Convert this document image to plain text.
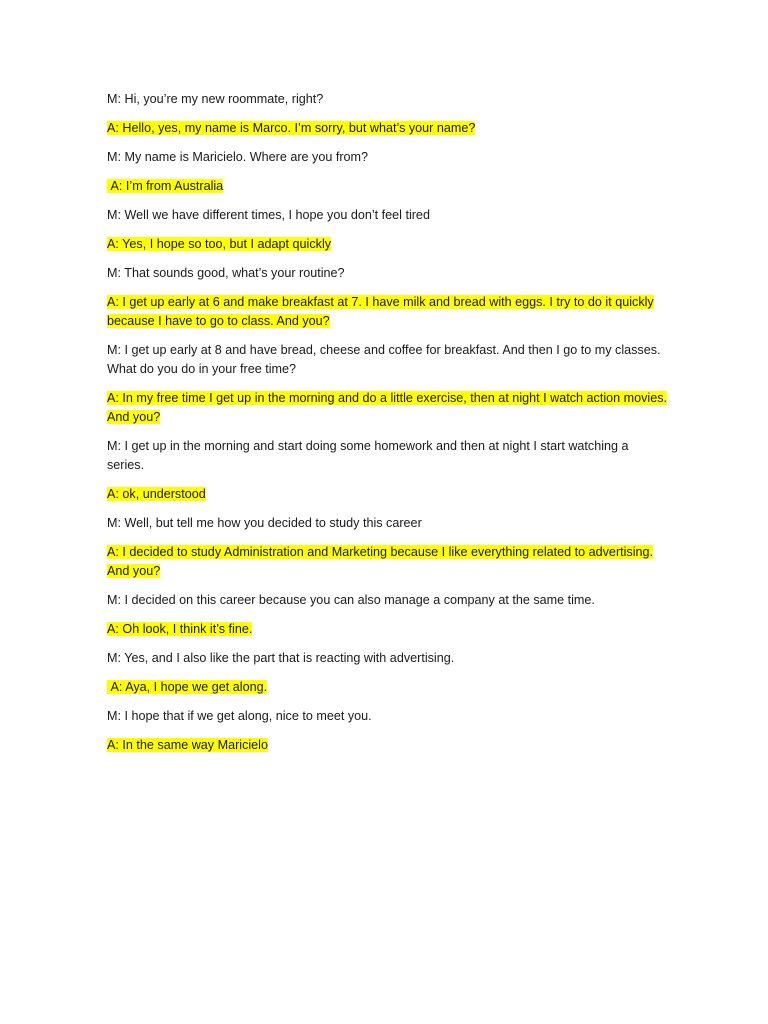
M: Hi, you’re my new roommate, right?

A: Hello, yes, my name is Marco. I’m sorry, but what’s your name?

M: My name is Maricielo. Where are you from?

A: I’m from Australia

M: Well we have different times, I hope you don’t feel tired

A: Yes, I hope so too, but I adapt quickly

M: That sounds good, what’s your routine?

A: I get up early at 6 and make breakfast at 7. I have milk and bread with eggs. I try to do it quickly because I have to go to class. And you?

M: I get up early at 8 and have bread, cheese and coffee for breakfast. And then I go to my classes. What do you do in your free time?

A: In my free time I get up in the morning and do a little exercise, then at night I watch action movies. And you?

M: I get up in the morning and start doing some homework and then at night I start watching a series.

A: ok, understood

M: Well, but tell me how you decided to study this career

A: I decided to study Administration and Marketing because I like everything related to advertising. And you?

M: I decided on this career because you can also manage a company at the same time.

A: Oh look, I think it’s fine.

M: Yes, and I also like the part that is reacting with advertising.

A: Aya, I hope we get along.

M: I hope that if we get along, nice to meet you.

A: In the same way Maricielo
